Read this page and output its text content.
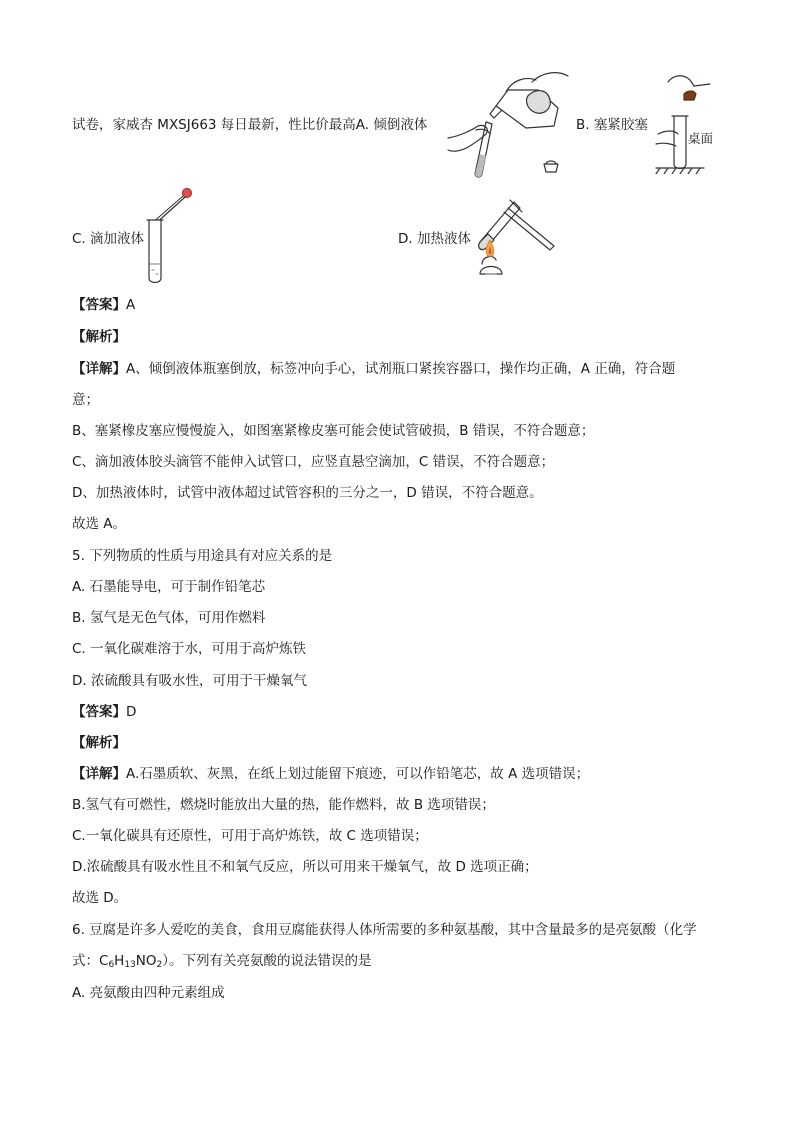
试卷，家威杏 MXSJ663 每日最新，性比价最高A. 倾倒液体	B. 塞紧胶塞
桌面
C. 滴加液体	D. 加热液体
【答案】A
【解析】
【详解】A、倾倒液体瓶塞倒放，标签冲向手心，试剂瓶口紧挨容器口，操作均正确，A 正确，符合题
意；
B、塞紧橡皮塞应慢慢旋入，如图塞紧橡皮塞可能会使试管破损，B 错误，不符合题意；
C、滴加液体胶头滴管不能伸入试管口，应竖直悬空滴加，C 错误，不符合题意；
D、加热液体时，试管中液体超过试管容积的三分之一，D 错误，不符合题意。
故选 A。
5. 下列物质的性质与用途具有对应关系的是
A. 石墨能导电，可于制作铅笔芯
B. 氢气是无色气体，可用作燃料
C. 一氧化碳难溶于水，可用于高炉炼铁
D. 浓硫酸具有吸水性，可用于干燥氧气
【答案】D
【解析】
【详解】A.石墨质软、灰黑，在纸上划过能留下痕迹，可以作铅笔芯，故 A 选项错误；
B.氢气有可燃性，燃烧时能放出大量的热，能作燃料，故 B 选项错误；
C.一氧化碳具有还原性，可用于高炉炼铁，故 C 选项错误；
D.浓硫酸具有吸水性且不和氧气反应，所以可用来干燥氧气，故 D 选项正确；
故选 D。
6. 豆腐是许多人爱吃的美食，食用豆腐能获得人体所需要的多种氨基酸，其中含量最多的是亮氨酸（化学
式：$C_6H_{13}NO_2$）。下列有关亮氨酸的说法错误的是
A. 亮氨酸由四种元素组成
